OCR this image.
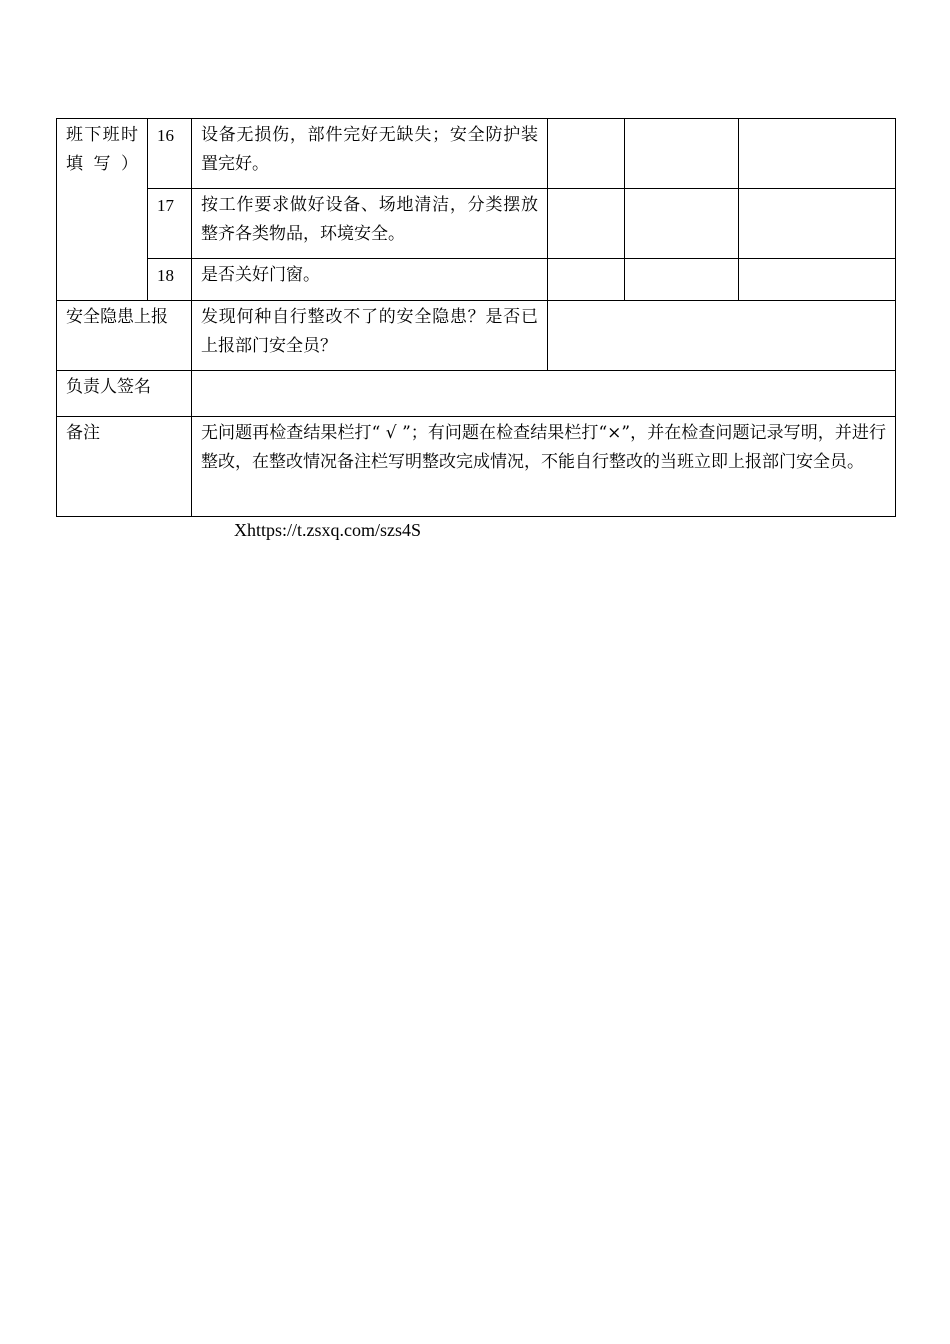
班下班时填写）	16	设备无损伤，部件完好无缺失；安全防护装置完好。			
	17	按工作要求做好设备、场地清洁，分类摆放整齐各类物品，环境安全。			
	18	是否关好门窗。			
安全隐患上报		发现何种自行整改不了的安全隐患？是否已上报部门安全员？			
负责人签名					
备注		无问题再检查结果栏打“ √ ”；有问题在检查结果栏打“×”，并在检查问题记录写明，并进行整改，在整改情况备注栏写明整改完成情况，不能自行整改的当班立即上报部门安全员。			
Xhttps://t.zsxq.com/szs4S
